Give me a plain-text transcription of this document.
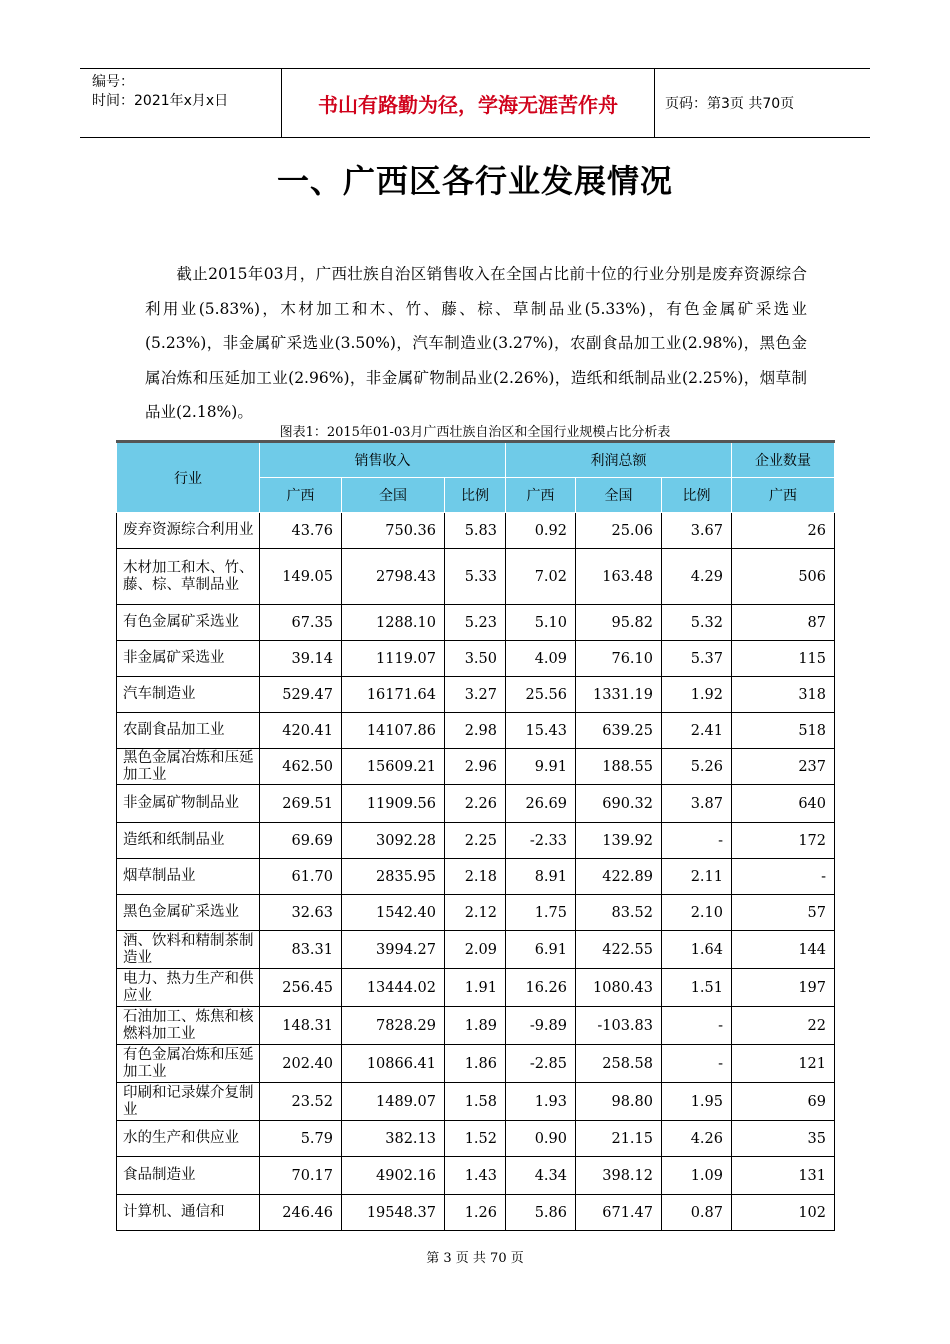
编号：
时间：2021年x月x日	书山有路勤为径，学海无涯苦作舟	页码：第3页 共70页
一、广西区各行业发展情况
截止2015年03月，广西壮族自治区销售收入在全国占比前十位的行业分别是废弃资源综合利用业(5.83%)，木材加工和木、竹、藤、棕、草制品业(5.33%)，有色金属矿采选业(5.23%)，非金属矿采选业(3.50%)，汽车制造业(3.27%)，农副食品加工业(2.98%)，黑色金属冶炼和压延加工业(2.96%)，非金属矿物制品业(2.26%)，造纸和纸制品业(2.25%)，烟草制品业(2.18%)。
图表1：2015年01-03月广西壮族自治区和全国行业规模占比分析表
行业	销售收入			利润总额			企业数量
	广西	全国	比例	广西	全国	比例	广西
废弃资源综合利用业	43.76	750.36	5.83	0.92	25.06	3.67	26
木材加工和木、竹、藤、棕、草制品业	149.05	2798.43	5.33	7.02	163.48	4.29	506
有色金属矿采选业	67.35	1288.10	5.23	5.10	95.82	5.32	87
非金属矿采选业	39.14	1119.07	3.50	4.09	76.10	5.37	115
汽车制造业	529.47	16171.64	3.27	25.56	1331.19	1.92	318
农副食品加工业	420.41	14107.86	2.98	15.43	639.25	2.41	518
黑色金属冶炼和压延加工业	462.50	15609.21	2.96	9.91	188.55	5.26	237
非金属矿物制品业	269.51	11909.56	2.26	26.69	690.32	3.87	640
造纸和纸制品业	69.69	3092.28	2.25	-2.33	139.92	-	172
烟草制品业	61.70	2835.95	2.18	8.91	422.89	2.11	-
黑色金属矿采选业	32.63	1542.40	2.12	1.75	83.52	2.10	57
酒、饮料和精制茶制造业	83.31	3994.27	2.09	6.91	422.55	1.64	144
电力、热力生产和供应业	256.45	13444.02	1.91	16.26	1080.43	1.51	197
石油加工、炼焦和核燃料加工业	148.31	7828.29	1.89	-9.89	-103.83	-	22
有色金属冶炼和压延加工业	202.40	10866.41	1.86	-2.85	258.58	-	121
印刷和记录媒介复制业	23.52	1489.07	1.58	1.93	98.80	1.95	69
水的生产和供应业	5.79	382.13	1.52	0.90	21.15	4.26	35
食品制造业	70.17	4902.16	1.43	4.34	398.12	1.09	131
计算机、通信和	246.46	19548.37	1.26	5.86	671.47	0.87	102
第 3 页 共 70 页
